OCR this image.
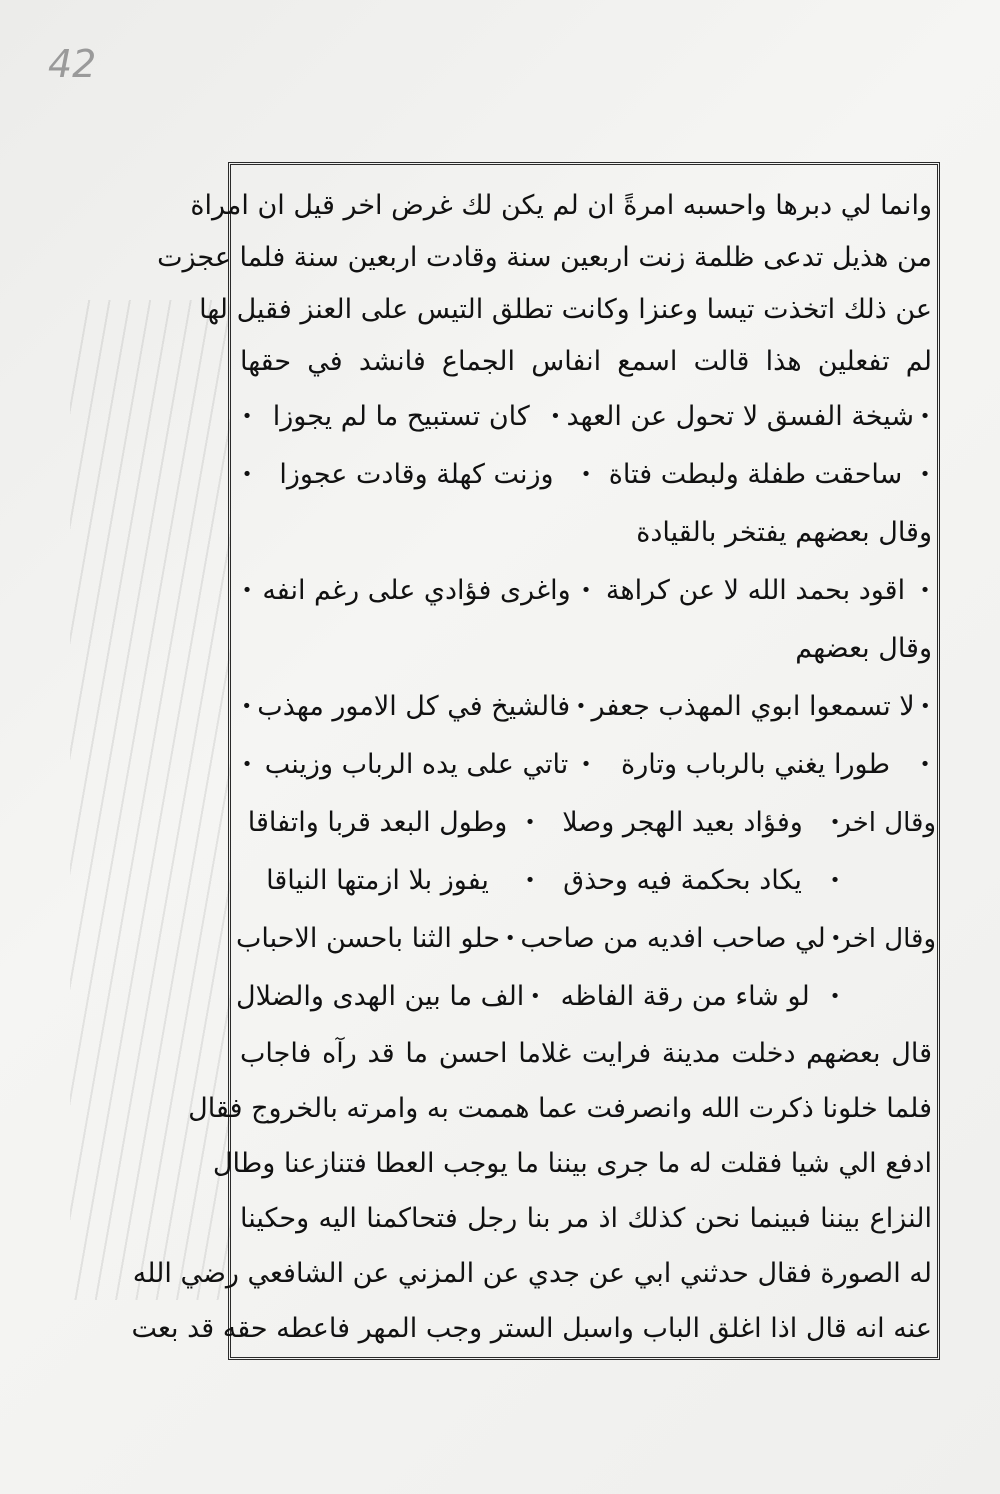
42
وانما لي دبرها واحسبه امرةً ان لم يكن لك غرض اخر قيل ان امراة
من هذيل تدعى ظلمة زنت اربعين سنة وقادت اربعين سنة فلما عجزت
عن ذلك اتخذت تيسا وعنزا وكانت تطلق التيس على العنز فقيل لها
لم تفعلين هذا قالت اسمع انفاس الجماع فانشد في حقها
•
شيخة الفسق لا تحول عن العهد
•
كان تستبيح ما لم يجوزا
•
•
ساحقت طفلة ولبطت فتاة
•
وزنت كهلة وقادت عجوزا
•
وقال بعضهم يفتخر بالقيادة
•
اقود بحمد الله لا عن كراهة
•
واغرى فؤادي على رغم انفه
•
وقال بعضهم
•
لا تسمعوا ابوي المهذب جعفر
•
فالشيخ في كل الامور مهذب
•
•
طورا يغني بالرباب وتارة
•
تاتي على يده الرباب وزينب
•
وقال اخر
•
وفؤاد بعيد الهجر وصلا
•
وطول البعد قربا واتفاقا
•
يكاد بحكمة فيه وحذق
•
يفوز بلا ازمتها النياقا
وقال اخر
•
لي صاحب افديه من صاحب
•
حلو الثنا باحسن الاحباب
•
لو شاء من رقة الفاظه
•
الف ما بين الهدى والضلال
قال بعضهم دخلت مدينة فرايت غلاما احسن ما قد رآه فاجاب
فلما خلونا ذكرت الله وانصرفت عما هممت به وامرته بالخروج فقال
ادفع الي شيا فقلت له ما جرى بيننا ما يوجب العطا فتنازعنا وطال
النزاع بيننا فبينما نحن كذلك اذ مر بنا رجل فتحاكمنا اليه وحكينا
له الصورة فقال حدثني ابي عن جدي عن المزني عن الشافعي رضي الله
عنه انه قال اذا اغلق الباب واسبل الستر وجب المهر فاعطه حقه قد بعت
